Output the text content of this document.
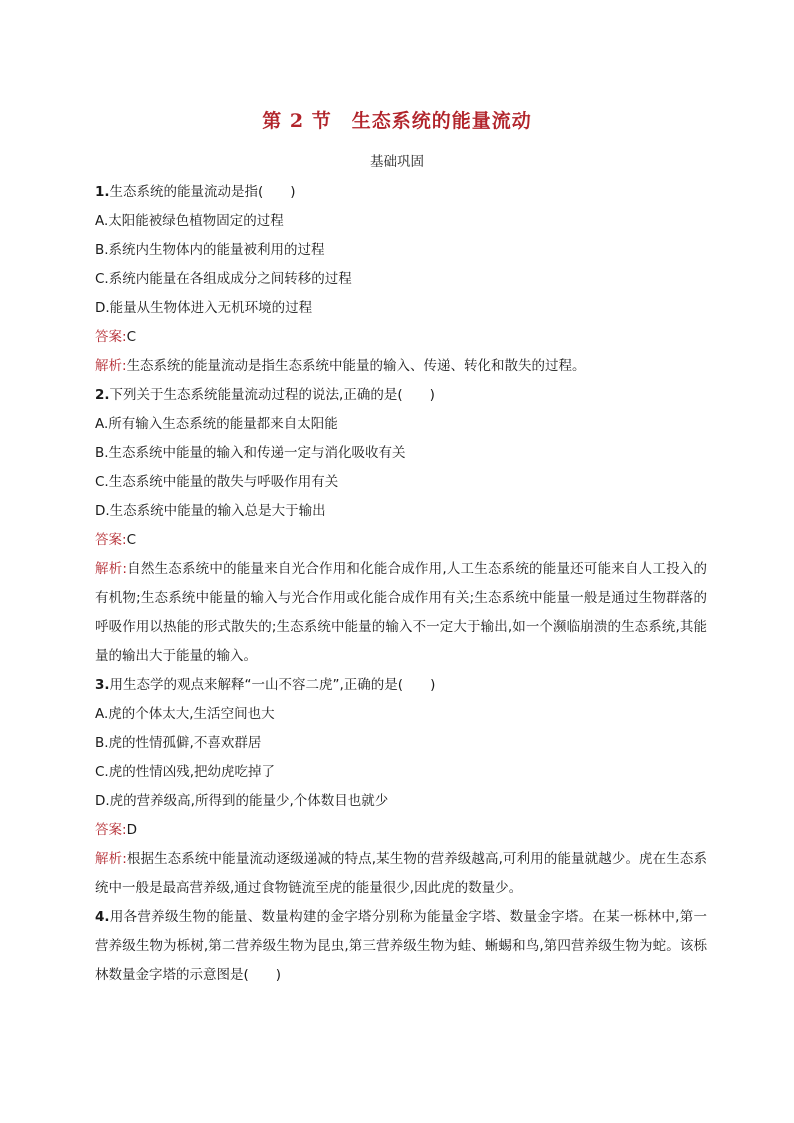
第 2 节　生态系统的能量流动
基础巩固
1.生态系统的能量流动是指(　　)
A.太阳能被绿色植物固定的过程
B.系统内生物体内的能量被利用的过程
C.系统内能量在各组成成分之间转移的过程
D.能量从生物体进入无机环境的过程
答案:C
解析:生态系统的能量流动是指生态系统中能量的输入、传递、转化和散失的过程。
2.下列关于生态系统能量流动过程的说法,正确的是(　　)
A.所有输入生态系统的能量都来自太阳能
B.生态系统中能量的输入和传递一定与消化吸收有关
C.生态系统中能量的散失与呼吸作用有关
D.生态系统中能量的输入总是大于输出
答案:C
解析:自然生态系统中的能量来自光合作用和化能合成作用,人工生态系统的能量还可能来自人工投入的有机物;生态系统中能量的输入与光合作用或化能合成作用有关;生态系统中能量一般是通过生物群落的呼吸作用以热能的形式散失的;生态系统中能量的输入不一定大于输出,如一个濒临崩溃的生态系统,其能量的输出大于能量的输入。
3.用生态学的观点来解释“一山不容二虎”,正确的是(　　)
A.虎的个体太大,生活空间也大
B.虎的性情孤僻,不喜欢群居
C.虎的性情凶残,把幼虎吃掉了
D.虎的营养级高,所得到的能量少,个体数目也就少
答案:D
解析:根据生态系统中能量流动逐级递减的特点,某生物的营养级越高,可利用的能量就越少。虎在生态系统中一般是最高营养级,通过食物链流至虎的能量很少,因此虎的数量少。
4.用各营养级生物的能量、数量构建的金字塔分别称为能量金字塔、数量金字塔。在某一栎林中,第一营养级生物为栎树,第二营养级生物为昆虫,第三营养级生物为蛙、蜥蜴和鸟,第四营养级生物为蛇。该栎林数量金字塔的示意图是(　　)
